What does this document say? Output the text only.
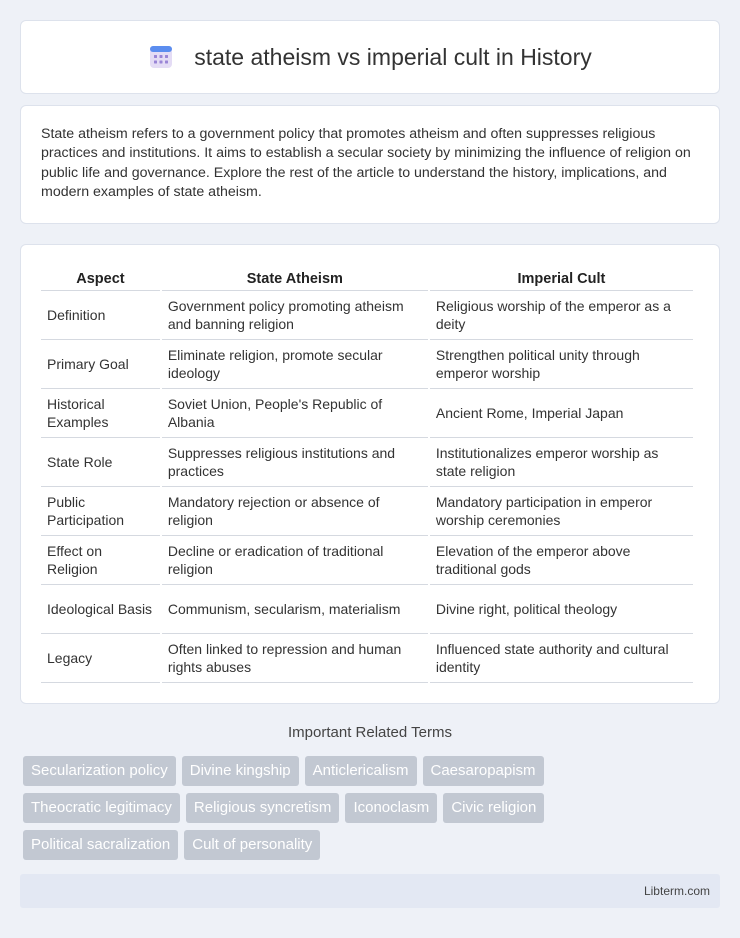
state atheism vs imperial cult in History

State atheism refers to a government policy that promotes atheism and often suppresses religious practices and institutions. It aims to establish a secular society by minimizing the influence of religion on public life and governance. Explore the rest of the article to understand the history, implications, and modern examples of state atheism.

Aspect	State Atheism	Imperial Cult
Definition	Government policy promoting atheism and banning religion	Religious worship of the emperor as a deity
Primary Goal	Eliminate religion, promote secular ideology	Strengthen political unity through emperor worship
Historical Examples	Soviet Union, People's Republic of Albania	Ancient Rome, Imperial Japan
State Role	Suppresses religious institutions and practices	Institutionalizes emperor worship as state religion
Public Participation	Mandatory rejection or absence of religion	Mandatory participation in emperor worship ceremonies
Effect on Religion	Decline or eradication of traditional religion	Elevation of the emperor above traditional gods
Ideological Basis	Communism, secularism, materialism	Divine right, political theology
Legacy	Often linked to repression and human rights abuses	Influenced state authority and cultural identity
Important Related Terms
Secularization policy	Divine kingship	Anticlericalism	Caesaropapism
Theocratic legitimacy	Religious syncretism	Iconoclasm	Civic religion
Political sacralization	Cult of personality
Libterm.com
